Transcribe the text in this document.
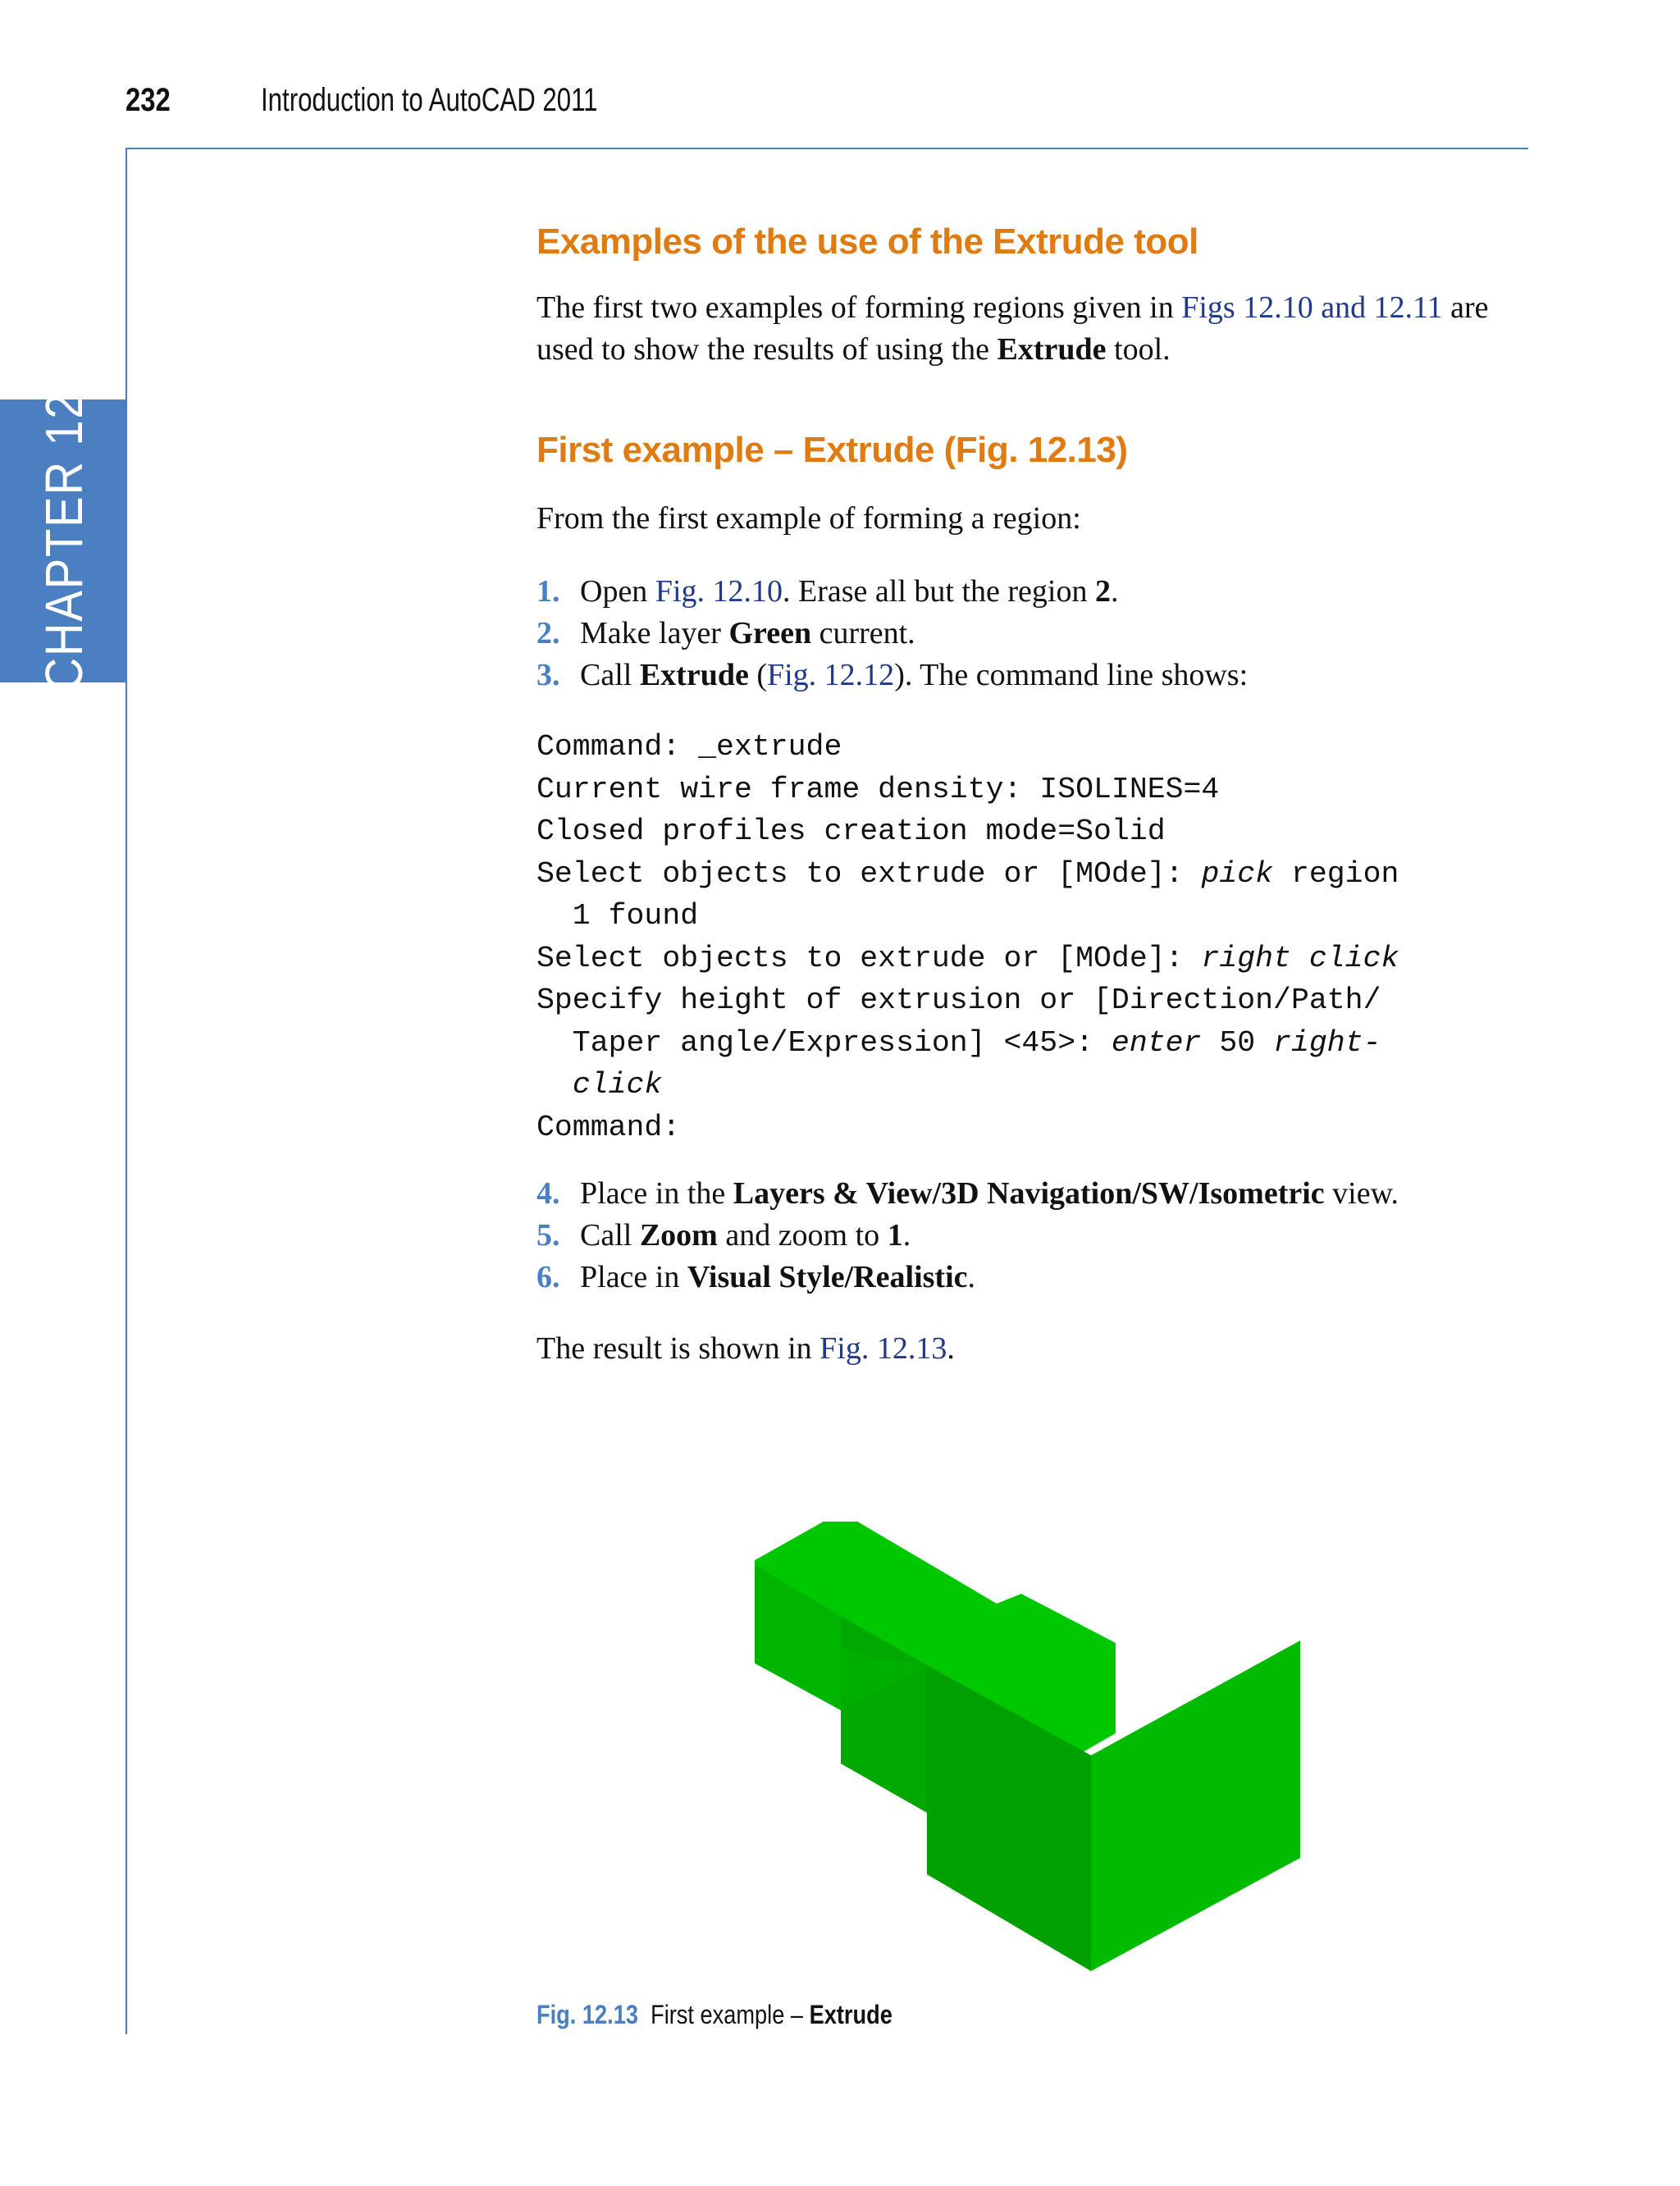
232	Introduction to AutoCAD 2011
CHAPTER 12
Examples of the use of the Extrude tool

The first two examples of forming regions given in Figs 12.10 and 12.11 are used to show the results of using the Extrude tool.

First example – Extrude (Fig. 12.13)

From the first example of forming a region:

1. Open Fig. 12.10. Erase all but the region 2.
2. Make layer Green current.
3. Call Extrude (Fig. 12.12). The command line shows:
Command: _extrude
Current wire frame density: ISOLINES=4
Closed profiles creation mode=Solid
Select objects to extrude or [MOde]: pick region
1 found
Select objects to extrude or [MOde]: right click
Specify height of extrusion or [Direction/Path/
Taper angle/Expression] <45>: enter 50 right-
click
Command:
4. Place in the Layers & View/3D Navigation/SW/Isometric view.
5. Call Zoom and zoom to 1.
6. Place in Visual Style/Realistic.

The result is shown in Fig. 12.13.

Fig. 12.13  First example – Extrude
